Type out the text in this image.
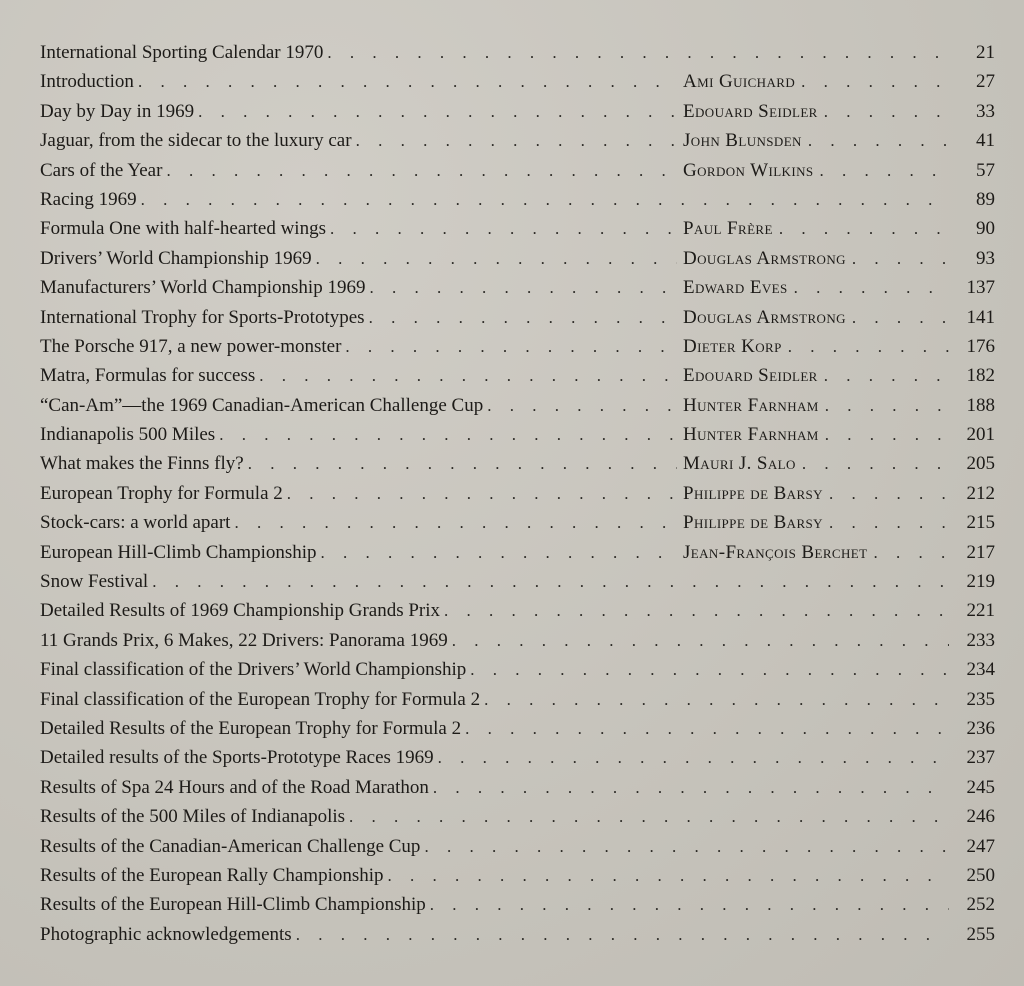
International Sporting Calendar 1970 . . .	21
Introduction . . .	Ami Guichard . . .	27
Day by Day in 1969 . . .	Edouard Seidler . . .	33
Jaguar, from the sidecar to the luxury car . . .	John Blunsden . . .	41
Cars of the Year . . .	Gordon Wilkins . . .	57
Racing 1969 . . .	89
Formula One with half-hearted wings . . .	Paul Frère . . .	90
Drivers’ World Championship 1969 . . .	Douglas Armstrong . . .	93
Manufacturers’ World Championship 1969 . . .	Edward Eves . . .	137
International Trophy for Sports-Prototypes . . .	Douglas Armstrong . . .	141
The Porsche 917, a new power-monster . . .	Dieter Korp . . .	176
Matra, Formulas for success . . .	Edouard Seidler . . .	182
“Can-Am”—the 1969 Canadian-American Challenge Cup . . .	Hunter Farnham . . .	188
Indianapolis 500 Miles . . .	Hunter Farnham . . .	201
What makes the Finns fly? . . .	Mauri J. Salo . . .	205
European Trophy for Formula 2 . . .	Philippe de Barsy . . .	212
Stock-cars: a world apart . . .	Philippe de Barsy . . .	215
European Hill-Climb Championship . . .	Jean-François Berchet . . .	217
Snow Festival . . .	219
Detailed Results of 1969 Championship Grands Prix . . .	221
11 Grands Prix, 6 Makes, 22 Drivers: Panorama 1969 . . .	233
Final classification of the Drivers’ World Championship . . .	234
Final classification of the European Trophy for Formula 2 . . .	235
Detailed Results of the European Trophy for Formula 2 . . .	236
Detailed results of the Sports-Prototype Races 1969 . . .	237
Results of Spa 24 Hours and of the Road Marathon . . .	245
Results of the 500 Miles of Indianapolis . . .	246
Results of the Canadian-American Challenge Cup . . .	247
Results of the European Rally Championship . . .	250
Results of the European Hill-Climb Championship . . .	252
Photographic acknowledgements . . .	255
